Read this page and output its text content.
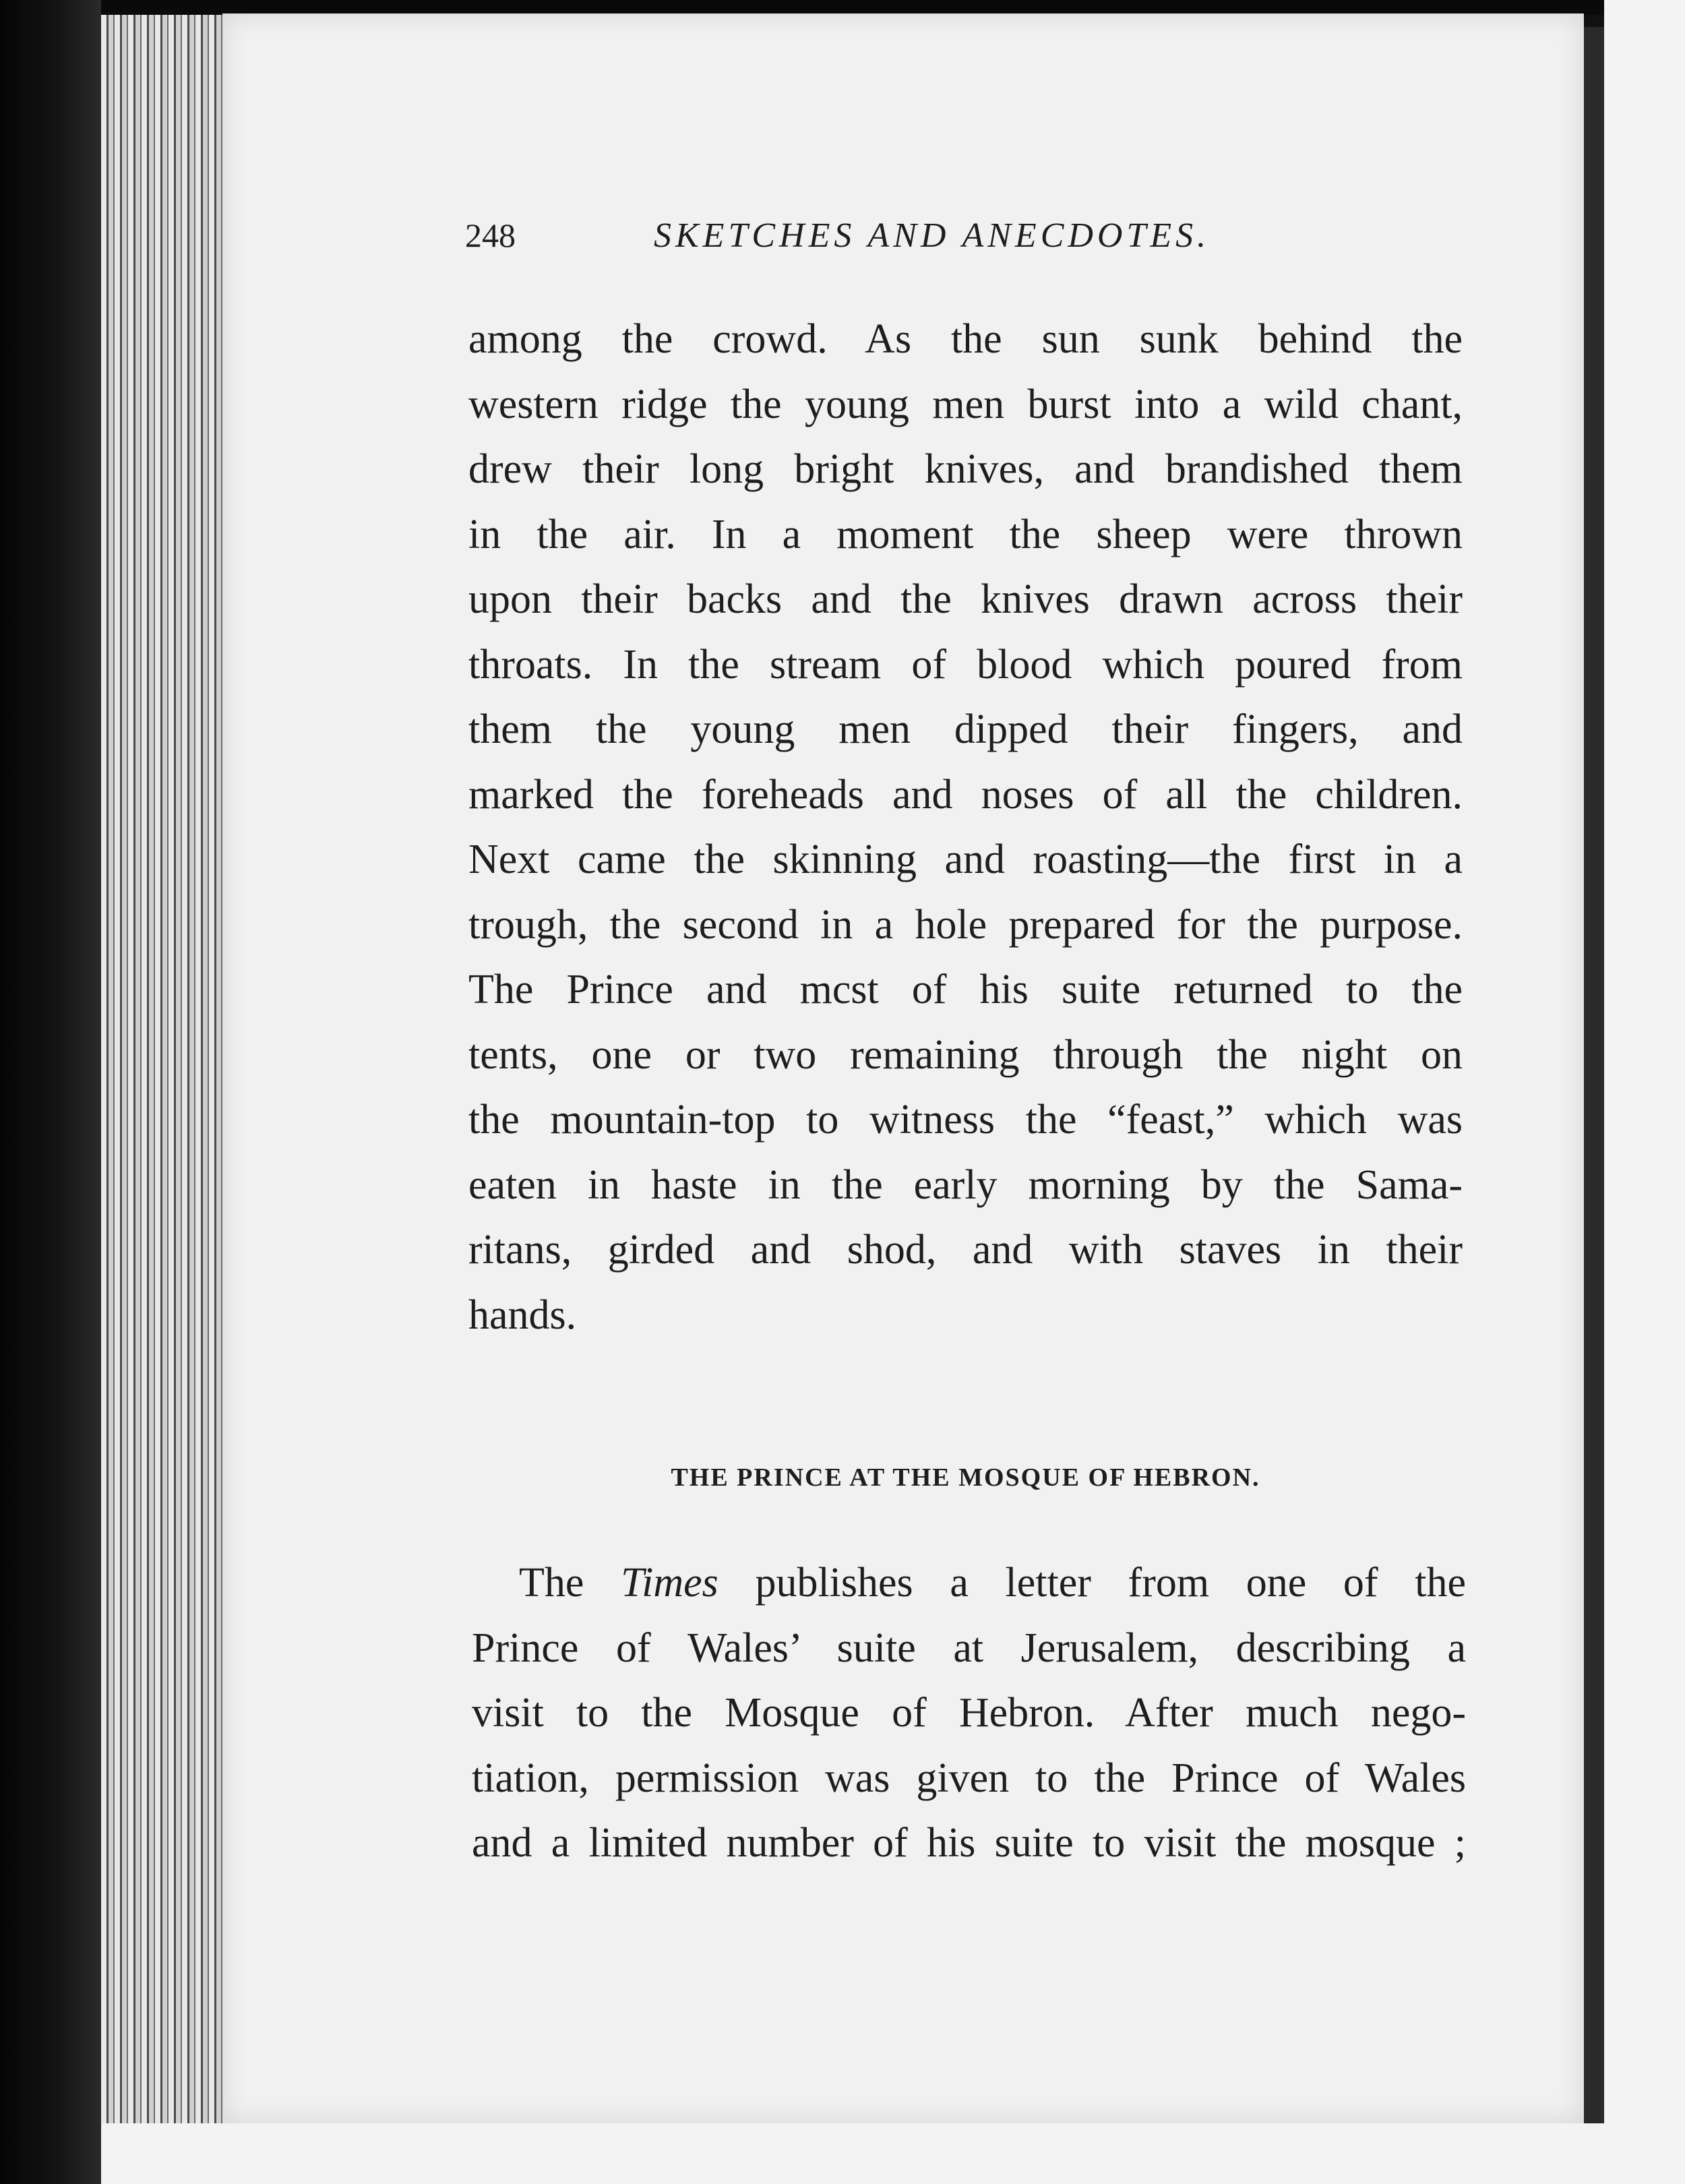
248	SKETCHES AND ANECDOTES.
among the crowd. As the sun sunk behind the
western ridge the young men burst into a wild chant,
drew their long bright knives, and brandished them
in the air. In a moment the sheep were thrown
upon their backs and the knives drawn across their
throats. In the stream of blood which poured from
them the young men dipped their fingers, and
marked the foreheads and noses of all the children.
Next came the skinning and roasting—the first in a
trough, the second in a hole prepared for the purpose.
The Prince and mcst of his suite returned to the
tents, one or two remaining through the night on
the mountain-top to witness the “feast,” which was
eaten in haste in the early morning by the Sama-
ritans, girded and shod, and with staves in their
hands.
THE PRINCE AT THE MOSQUE OF HEBRON.
The Times publishes a letter from one of the
Prince of Wales’ suite at Jerusalem, describing a
visit to the Mosque of Hebron. After much nego-
tiation, permission was given to the Prince of Wales
and a limited number of his suite to visit the mosque ;
